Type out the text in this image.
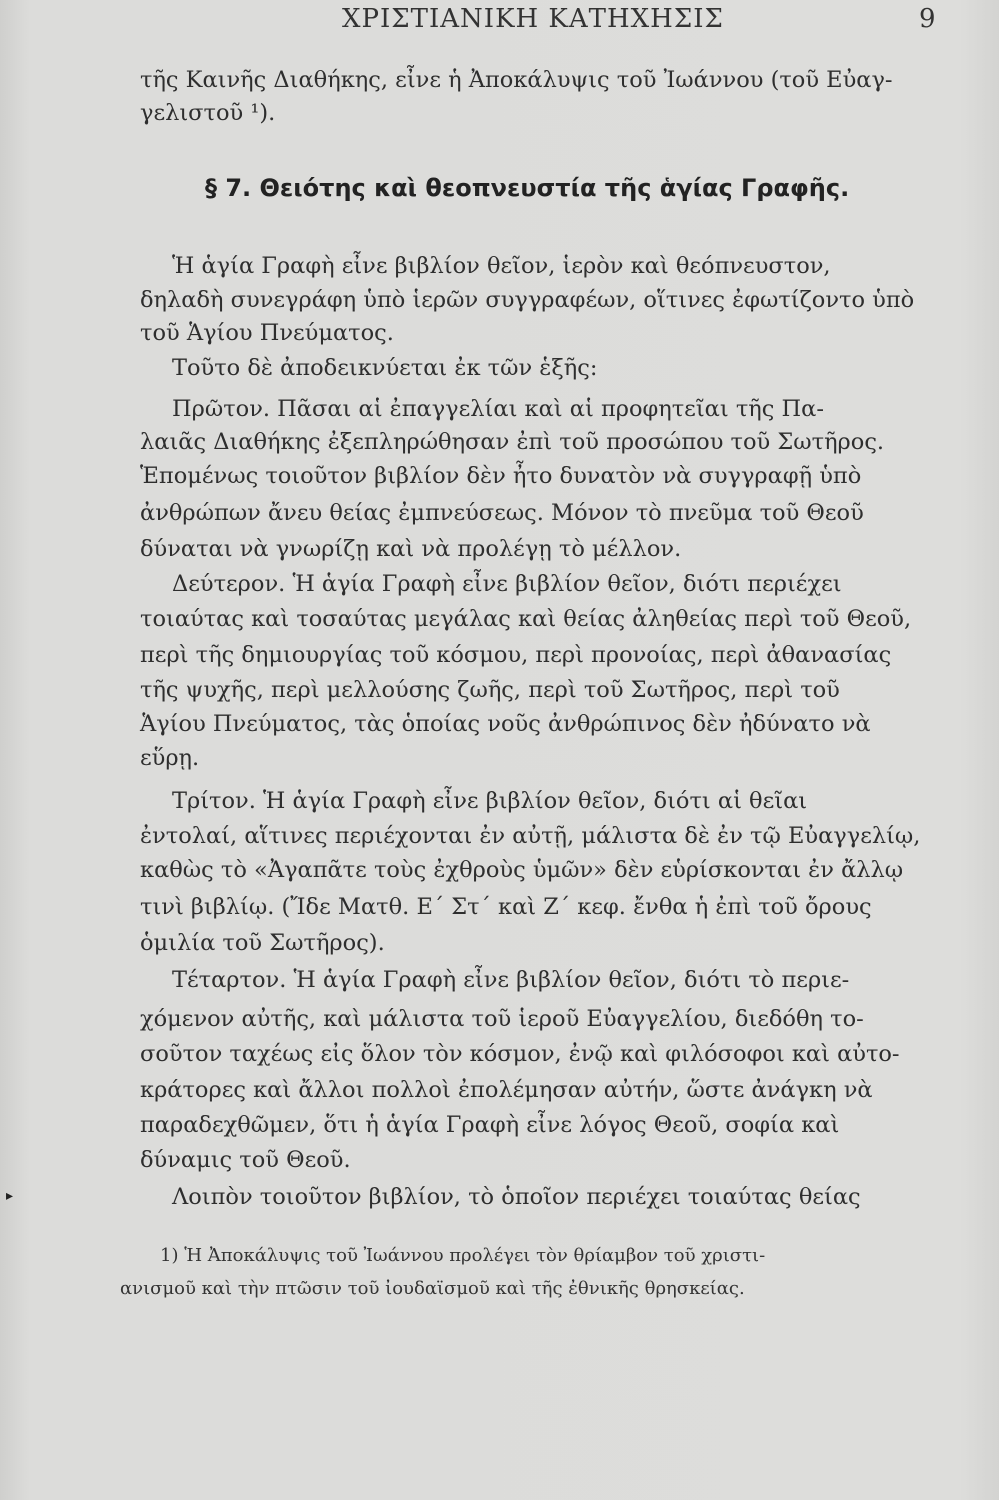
ΧΡΙΣΤΙΑΝΙΚΗ ΚΑΤΗΧΗΣΙΣ	9
τῆς Καινῆς Διαθήκης, εἶνε ἡ Ἀποκάλυψις τοῦ Ἰωάννου (τοῦ Εὐαγ-
γελιστοῦ ¹).
§ 7. Θειότης καὶ θεοπνευστία τῆς ἁγίας Γραφῆς.
Ἡ ἁγία Γραφὴ εἶνε βιβλίον θεῖον, ἱερὸν καὶ θεόπνευστον,
δηλαδὴ συνεγράφη ὑπὸ ἱερῶν συγγραφέων, οἵτινες ἐφωτίζοντο ὑπὸ
τοῦ Ἁγίου Πνεύματος.
Τοῦτο δὲ ἀποδεικνύεται ἐκ τῶν ἑξῆς:
Πρῶτον. Πᾶσαι αἱ ἐπαγγελίαι καὶ αἱ προφητεῖαι τῆς Πα-
λαιᾶς Διαθήκης ἐξεπληρώθησαν ἐπὶ τοῦ προσώπου τοῦ Σωτῆρος.
Ἑπομένως τοιοῦτον βιβλίον δὲν ἦτο δυνατὸν νὰ συγγραφῇ ὑπὸ
ἀνθρώπων ἄνευ θείας ἐμπνεύσεως. Μόνον τὸ πνεῦμα τοῦ Θεοῦ
δύναται νὰ γνωρίζῃ καὶ νὰ προλέγῃ τὸ μέλλον.
Δεύτερον. Ἡ ἁγία Γραφὴ εἶνε βιβλίον θεῖον, διότι περιέχει
τοιαύτας καὶ τοσαύτας μεγάλας καὶ θείας ἀληθείας περὶ τοῦ Θεοῦ,
περὶ τῆς δημιουργίας τοῦ κόσμου, περὶ προνοίας, περὶ ἀθανασίας
τῆς ψυχῆς, περὶ μελλούσης ζωῆς, περὶ τοῦ Σωτῆρος, περὶ τοῦ
Ἁγίου Πνεύματος, τὰς ὁποίας νοῦς ἀνθρώπινος δὲν ἠδύνατο νὰ
εὕρῃ.
Τρίτον. Ἡ ἁγία Γραφὴ εἶνε βιβλίον θεῖον, διότι αἱ θεῖαι
ἐντολαί, αἵτινες περιέχονται ἐν αὐτῇ, μάλιστα δὲ ἐν τῷ Εὐαγγελίῳ,
καθὼς τὸ «Ἀγαπᾶτε τοὺς ἐχθροὺς ὑμῶν» δὲν εὑρίσκονται ἐν ἄλλῳ
τινὶ βιβλίῳ. (Ἴδε Ματθ. Ε΄ Στ΄ καὶ Ζ΄ κεφ. ἔνθα ἡ ἐπὶ τοῦ ὄρους
ὁμιλία τοῦ Σωτῆρος).
Τέταρτον. Ἡ ἁγία Γραφὴ εἶνε βιβλίον θεῖον, διότι τὸ περιε-
χόμενον αὐτῆς, καὶ μάλιστα τοῦ ἱεροῦ Εὐαγγελίου, διεδόθη το-
σοῦτον ταχέως εἰς ὅλον τὸν κόσμον, ἐνῷ καὶ φιλόσοφοι καὶ αὐτο-
κράτορες καὶ ἄλλοι πολλοὶ ἐπολέμησαν αὐτήν, ὥστε ἀνάγκη νὰ
παραδεχθῶμεν, ὅτι ἡ ἁγία Γραφὴ εἶνε λόγος Θεοῦ, σοφία καὶ
δύναμις τοῦ Θεοῦ.
Λοιπὸν τοιοῦτον βιβλίον, τὸ ὁποῖον περιέχει τοιαύτας θείας
1) Ἡ Ἀποκάλυψις τοῦ Ἰωάννου προλέγει τὸν θρίαμβον τοῦ χριστι-
ανισμοῦ καὶ τὴν πτῶσιν τοῦ ἰουδαϊσμοῦ καὶ τῆς ἐθνικῆς θρησκείας.
▸
